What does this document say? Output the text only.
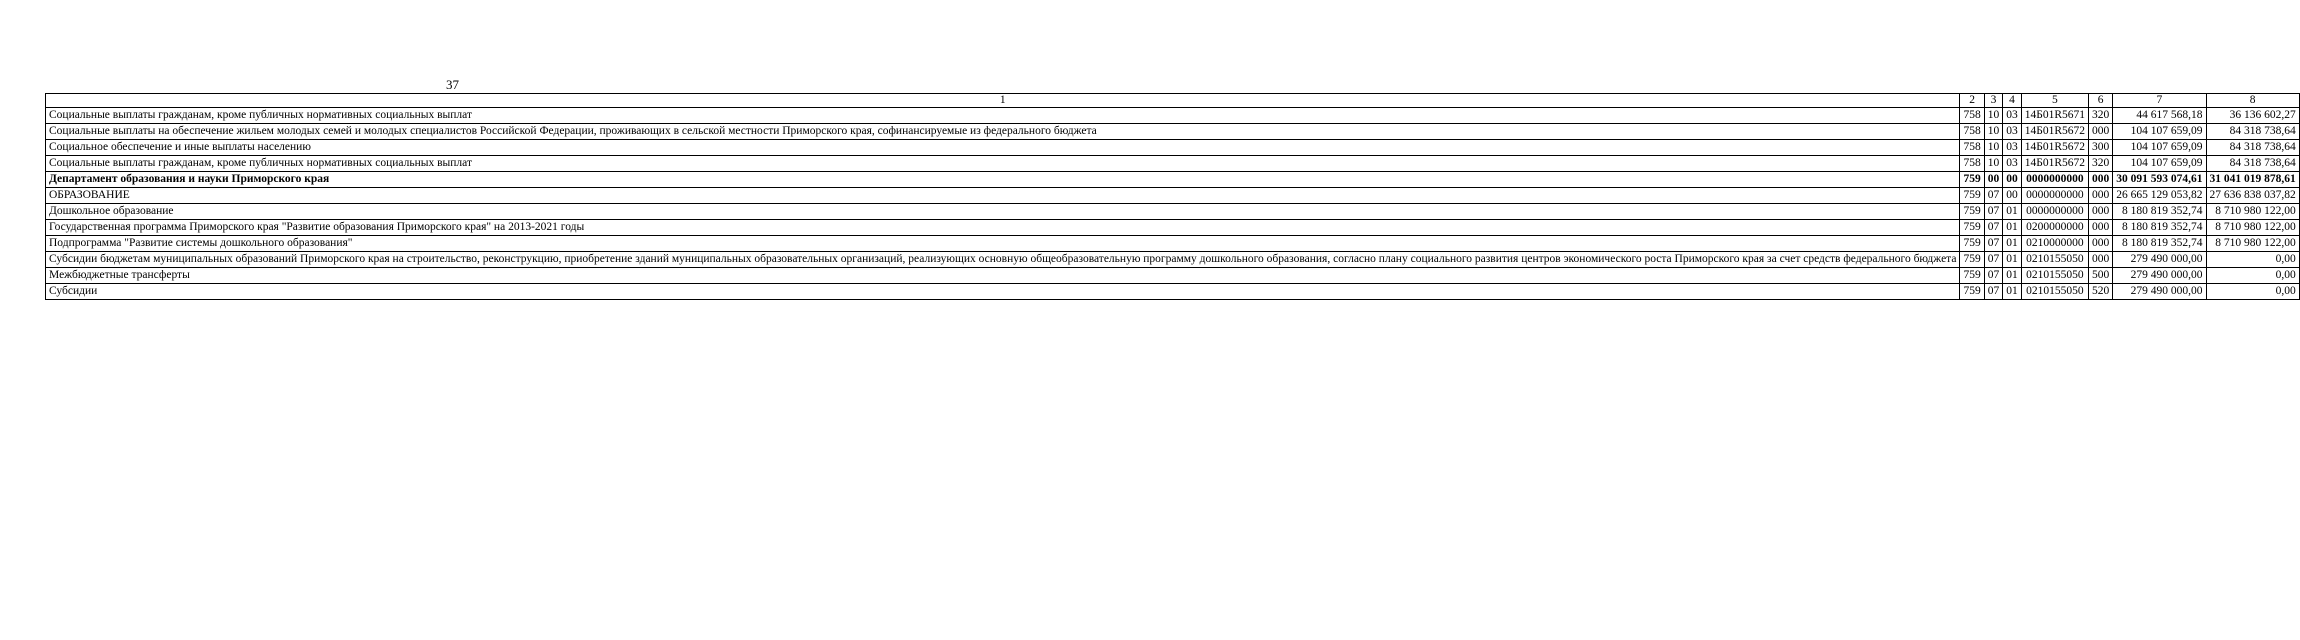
37
1	2	3	4	5	6	7	8
Социальные выплаты гражданам, кроме публичных нормативных социальных выплат	758	10	03	14Б01R5671	320	44 617 568,18	36 136 602,27
Социальные выплаты на обеспечение жильем молодых семей и молодых специалистов Российской Федерации, проживающих в сельской местности Приморского края, софинансируемые из федерального бюджета	758	10	03	14Б01R5672	000	104 107 659,09	84 318 738,64
Социальное обеспечение и иные выплаты населению	758	10	03	14Б01R5672	300	104 107 659,09	84 318 738,64
Социальные выплаты гражданам, кроме публичных нормативных социальных выплат	758	10	03	14Б01R5672	320	104 107 659,09	84 318 738,64
Департамент образования и науки Приморского края	759	00	00	0000000000	000	30 091 593 074,61	31 041 019 878,61
ОБРАЗОВАНИЕ	759	07	00	0000000000	000	26 665 129 053,82	27 636 838 037,82
Дошкольное образование	759	07	01	0000000000	000	8 180 819 352,74	8 710 980 122,00
Государственная программа Приморского края "Развитие образования Приморского края" на 2013-2021 годы	759	07	01	0200000000	000	8 180 819 352,74	8 710 980 122,00
Подпрограмма "Развитие системы дошкольного образования"	759	07	01	0210000000	000	8 180 819 352,74	8 710 980 122,00
Субсидии бюджетам муниципальных образований Приморского края на строительство, реконструкцию, приобретение зданий муниципальных образовательных организаций, реализующих основную общеобразовательную программу дошкольного образования, согласно плану социального развития центров экономического роста Приморского края за счет средств федерального бюджета	759	07	01	0210155050	000	279 490 000,00	0,00
Межбюджетные трансферты	759	07	01	0210155050	500	279 490 000,00	0,00
Субсидии	759	07	01	0210155050	520	279 490 000,00	0,00
